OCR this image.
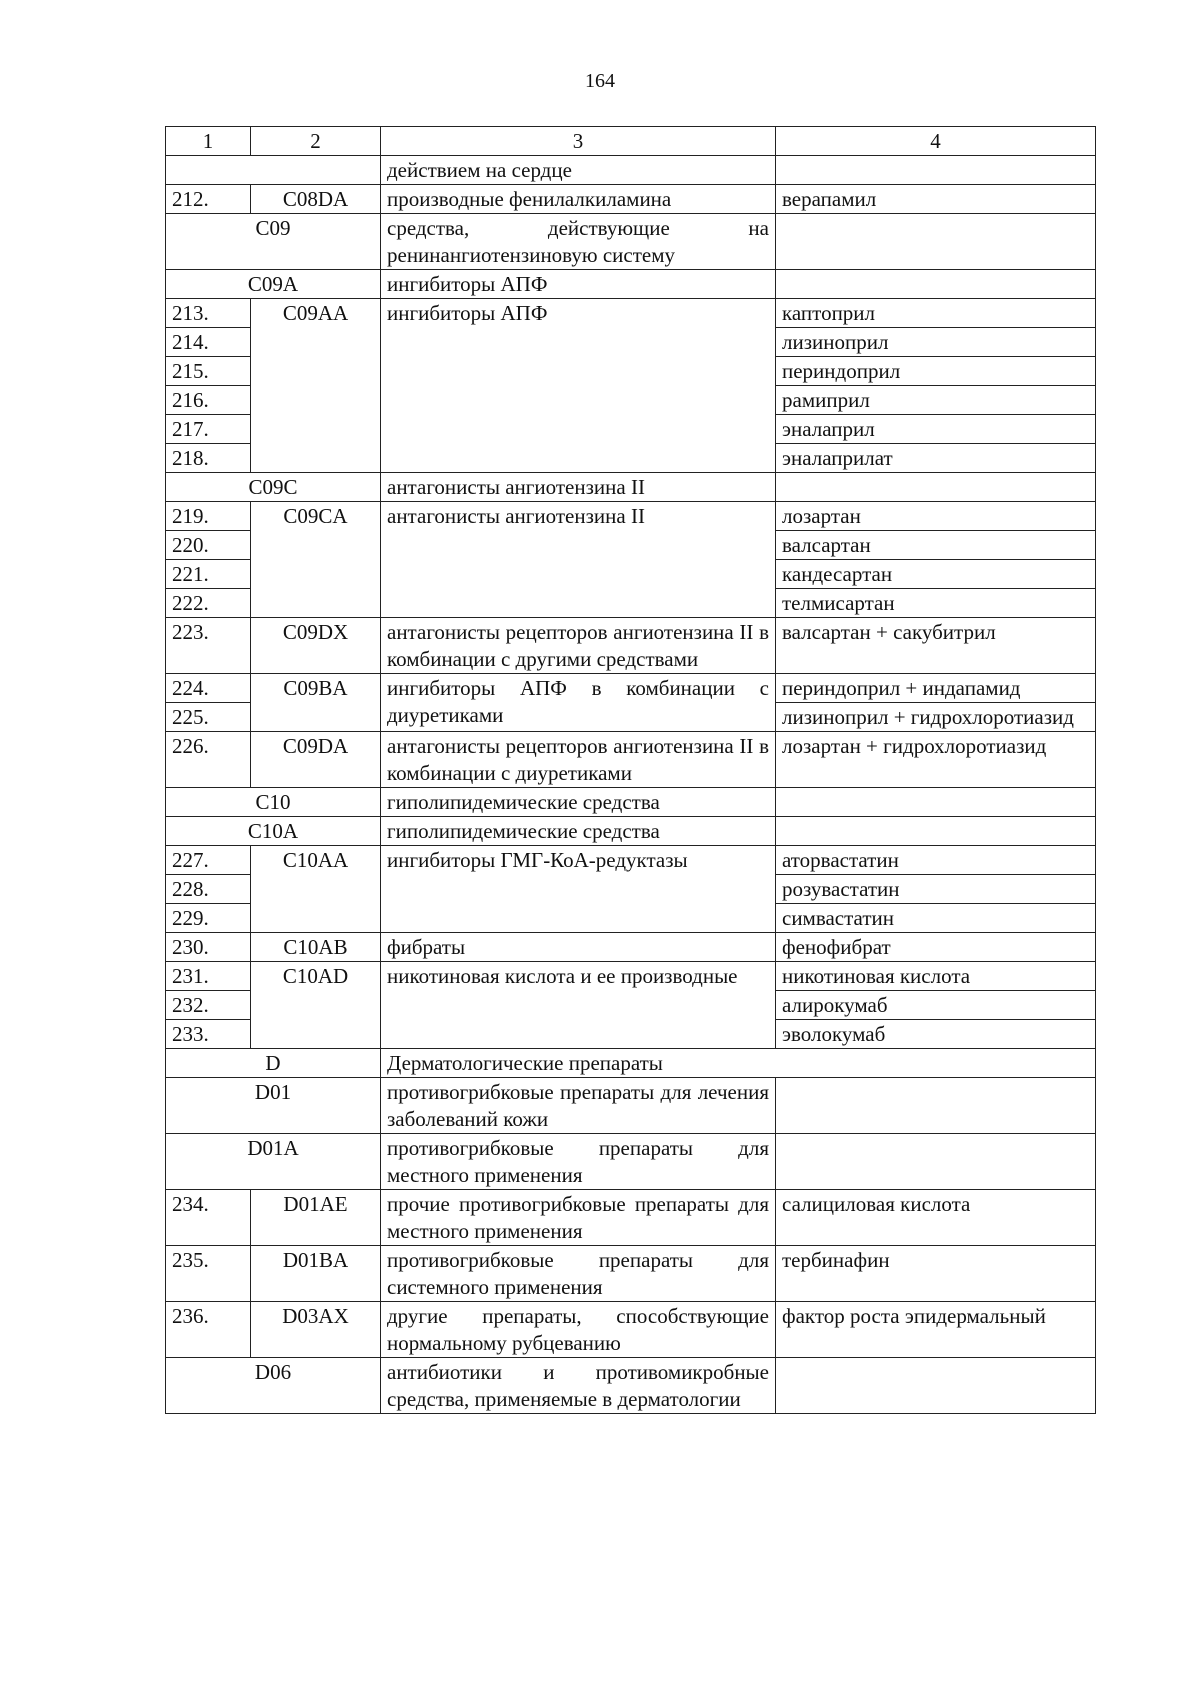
164
1	2	3	4
		действием на сердце	
212.	C08DA	производные фенилалкиламина	верапамил
C09		средства, действующие на ренинангиотензиновую систему	
C09A		ингибиторы АПФ	
213.	C09AA	ингибиторы АПФ	каптоприл
214.			лизиноприл
215.			периндоприл
216.			рамиприл
217.			эналаприл
218.			эналаприлат
C09C		антагонисты ангиотензина II	
219.	C09CA	антагонисты ангиотензина II	лозартан
220.			валсартан
221.			кандесартан
222.			телмисартан
223.	C09DX	антагонисты рецепторов ангиотензина II в комбинации с другими средствами	валсартан + сакубитрил
224.	C09BA	ингибиторы АПФ в комбинации с диуретиками	периндоприл + индапамид
225.			лизиноприл + гидрохлоротиазид
226.	C09DA	антагонисты рецепторов ангиотензина II в комбинации с диуретиками	лозартан + гидрохлоротиазид
C10		гиполипидемические средства	
C10A		гиполипидемические средства	
227.	C10AA	ингибиторы ГМГ-КоА-редуктазы	аторвастатин
228.			розувастатин
229.			симвастатин
230.	C10AB	фибраты	фенофибрат
231.	C10AD	никотиновая кислота и ее производные	никотиновая кислота
232.			алирокумаб
233.			эволокумаб
D		Дерматологические препараты	
D01		противогрибковые препараты для лечения заболеваний кожи	
D01A		противогрибковые препараты для местного применения	
234.	D01AE	прочие противогрибковые препараты для местного применения	салициловая кислота
235.	D01BA	противогрибковые препараты для системного применения	тербинафин
236.	D03AX	другие препараты, способствующие нормальному рубцеванию	фактор роста эпидермальный
D06		антибиотики и противомикробные средства, применяемые в дерматологии	
